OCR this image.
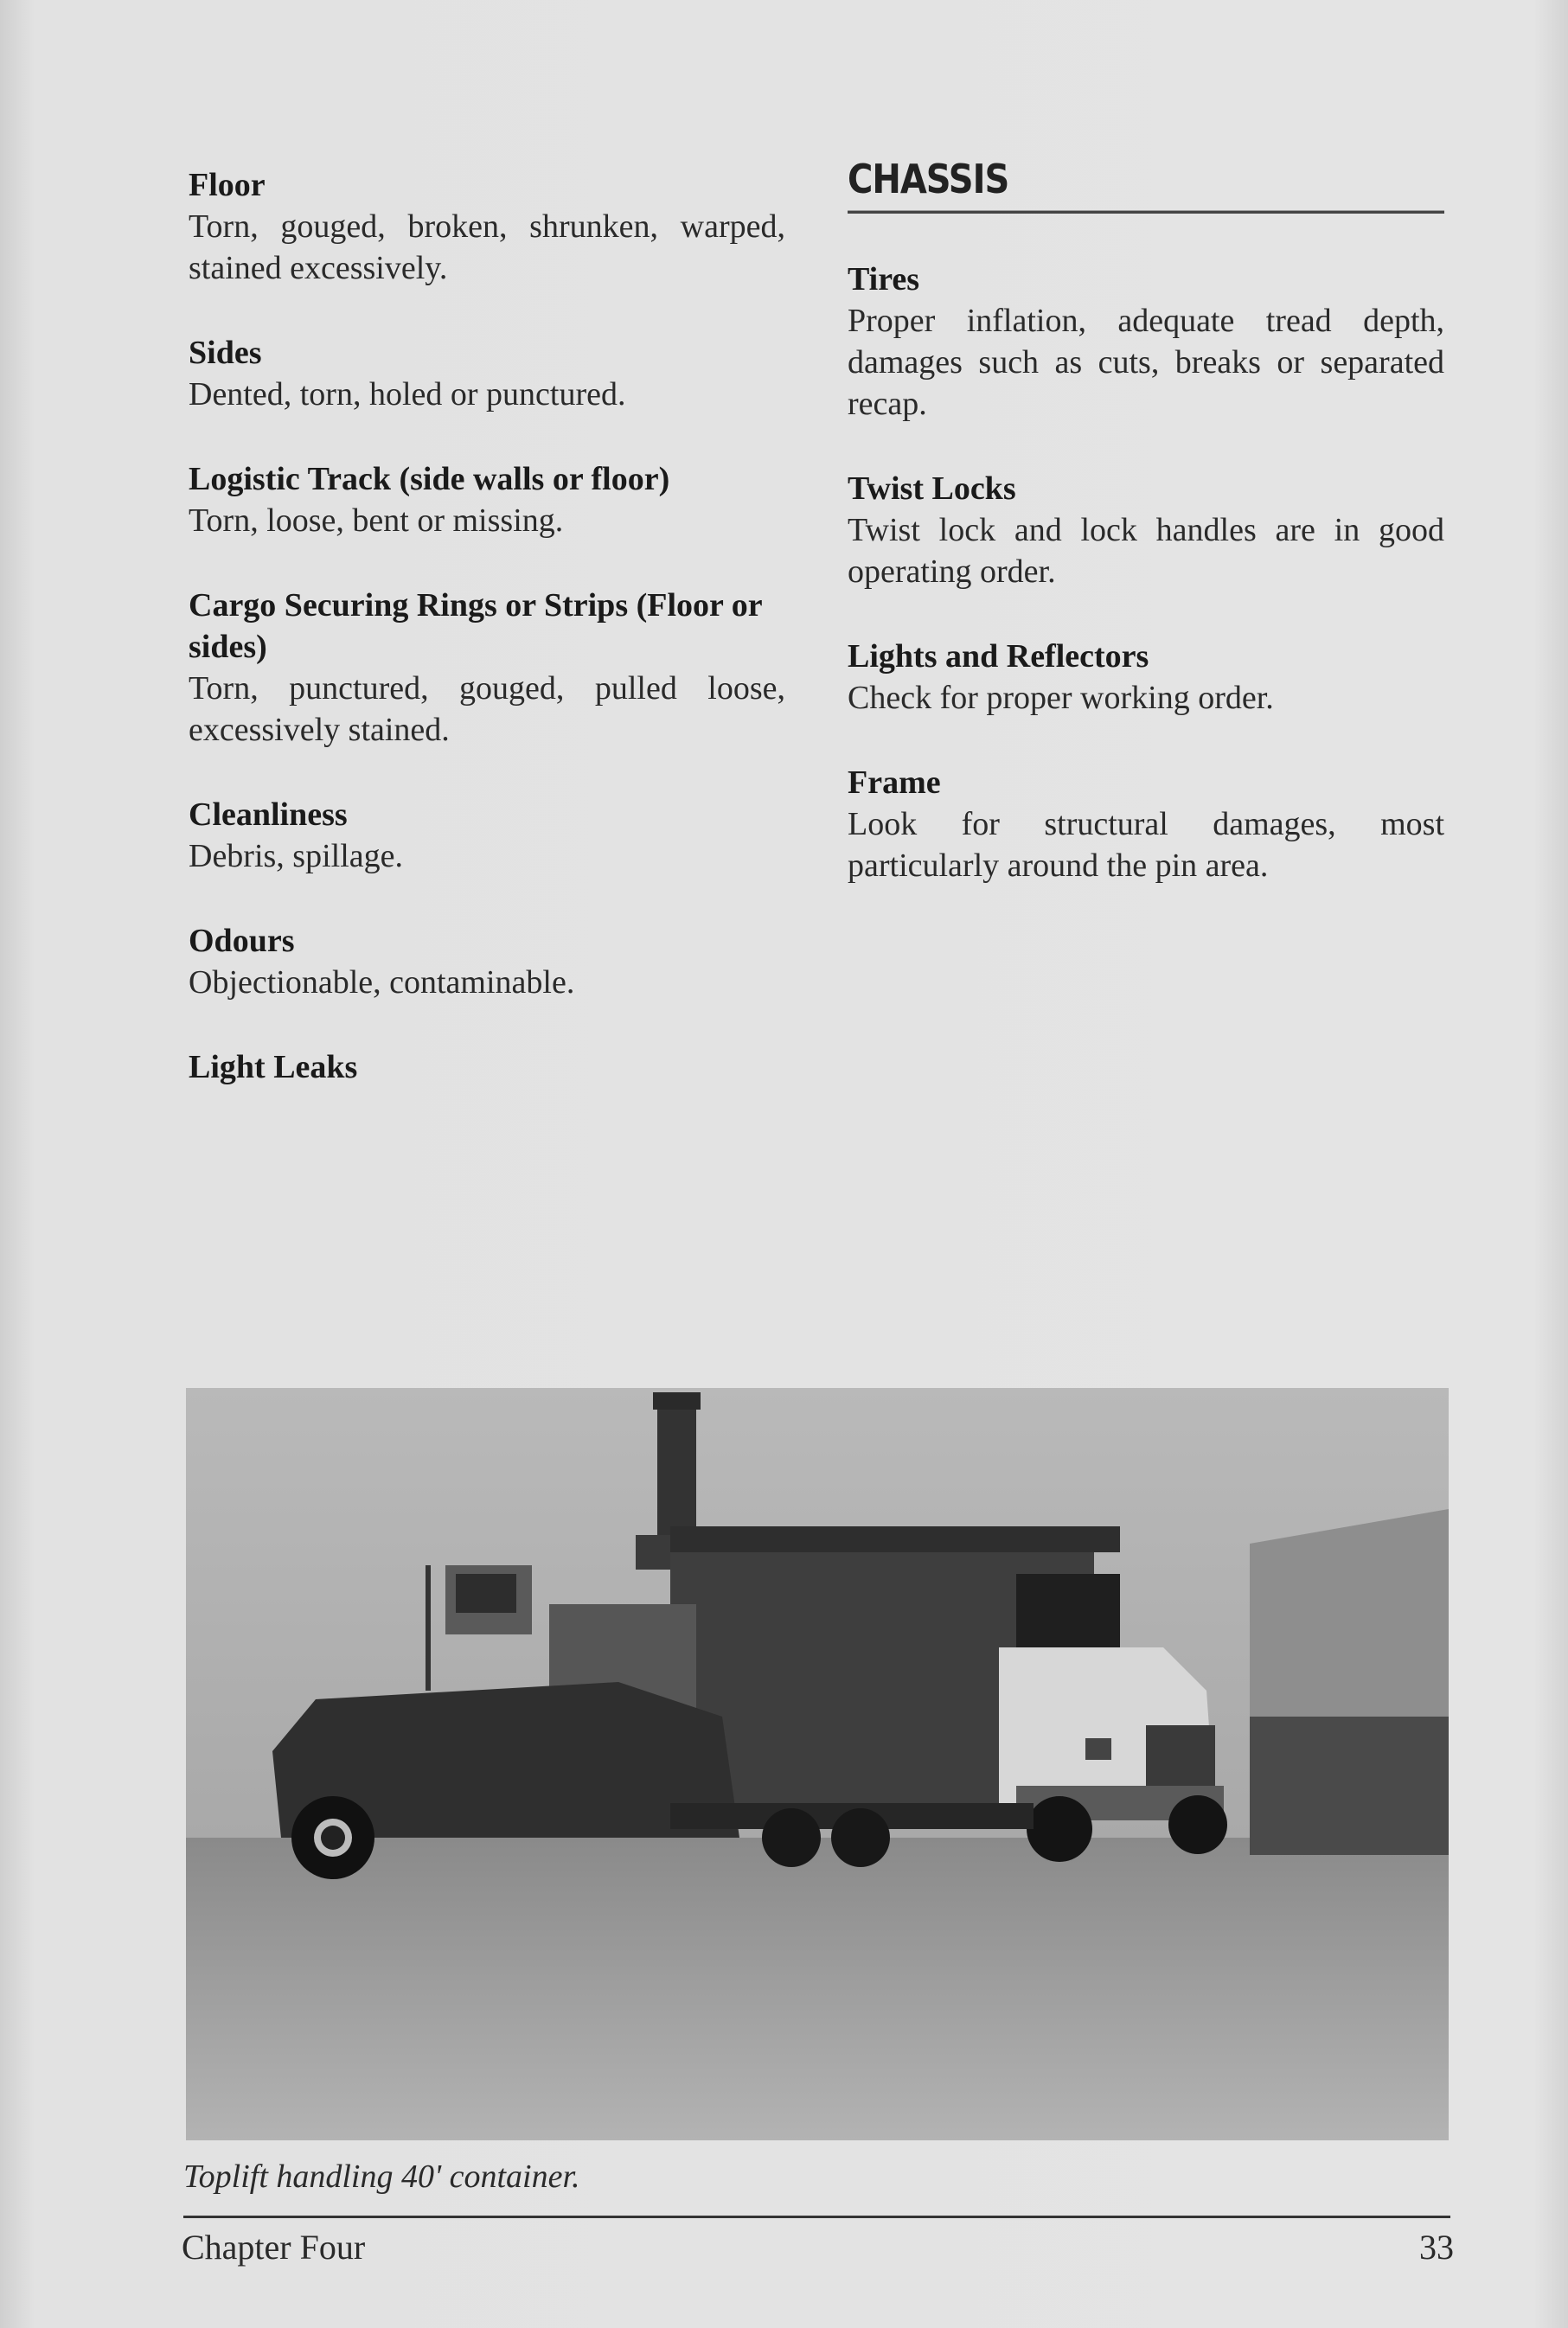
Floor

Torn, gouged, broken, shrunken, warped, stained excessively.

Sides

Dented, torn, holed or punctured.

Logistic Track (side walls or floor)

Torn, loose, bent or missing.

Cargo Securing Rings or Strips (Floor or sides)

Torn, punctured, gouged, pulled loose, excessively stained.

Cleanliness

Debris, spillage.

Odours

Objectionable, contaminable.

Light Leaks
CHASSIS
Tires

Proper inflation, adequate tread depth, damages such as cuts, breaks or separated recap.

Twist Locks

Twist lock and lock handles are in good operating order.

Lights and Reflectors

Check for proper working order.

Frame

Look for structural damages, most particularly around the pin area.

Toplift handling 40' container.
Chapter Four	33
